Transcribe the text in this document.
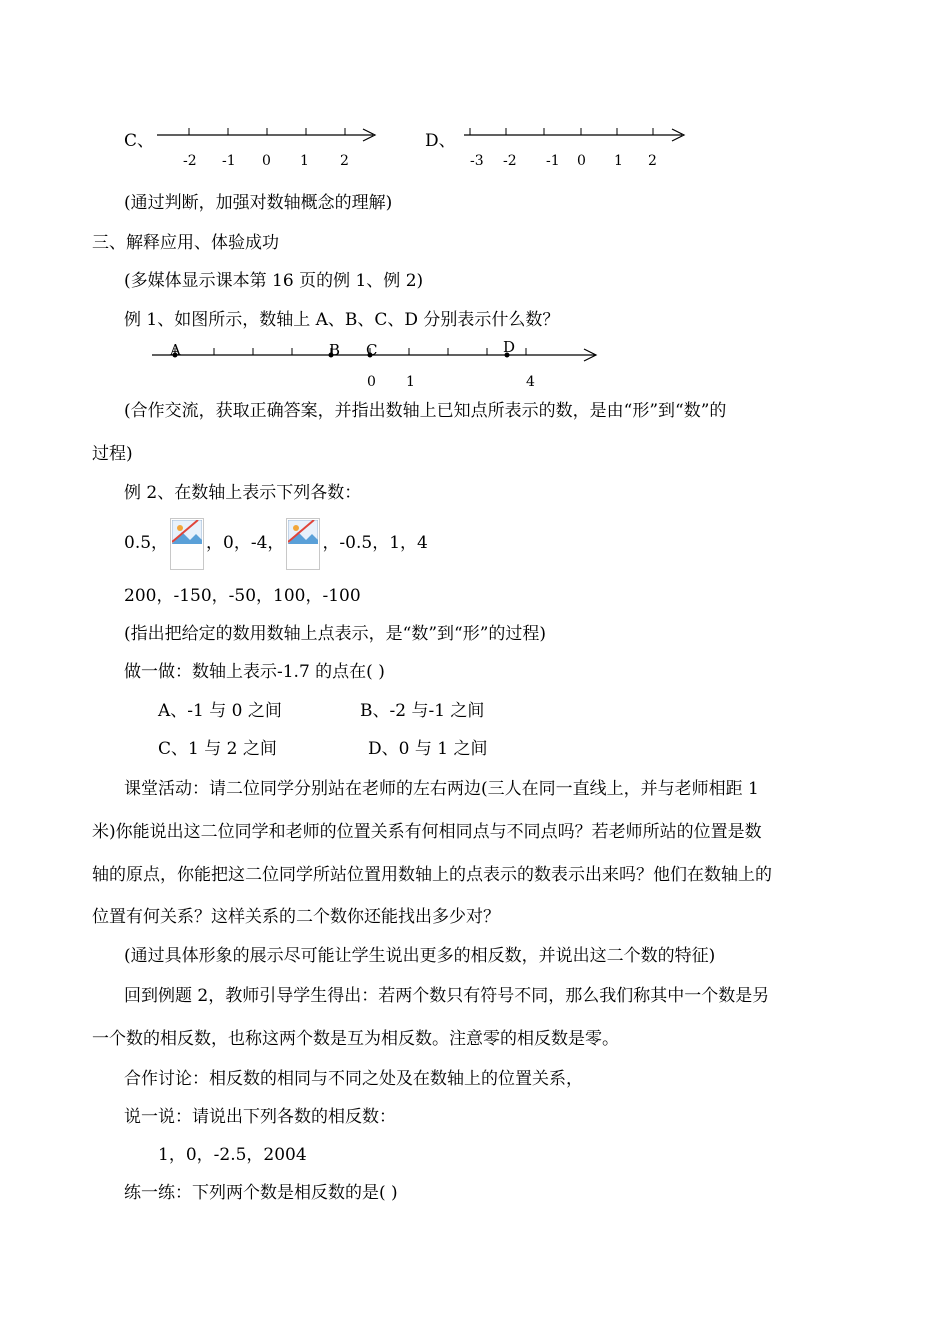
C、
-2 -1 0 1 2
D、
-3 -2 -1 0 1 2
(通过判断，加强对数轴概念的理解)
三、解释应用、体验成功
(多媒体显示课本第 16 页的例 1、例 2)
例 1、如图所示，数轴上 A、B、C、D 分别表示什么数？
A	B C	D
0 1	4
(合作交流，获取正确答案，并指出数轴上已知点所表示的数，是由“形”到“数”的
过程)
例 2、在数轴上表示下列各数：
0.5， ，0，-4， ，-0.5，1，4
200，-150，-50，100，-100
(指出把给定的数用数轴上点表示，是“数”到“形”的过程)
做一做：数轴上表示-1.7 的点在( )
A、-1 与 0 之间	B、-2 与-1 之间
C、1 与 2 之间	D、0 与 1 之间
课堂活动：请二位同学分别站在老师的左右两边(三人在同一直线上，并与老师相距 1
米)你能说出这二位同学和老师的位置关系有何相同点与不同点吗？若老师所站的位置是数
轴的原点，你能把这二位同学所站位置用数轴上的点表示的数表示出来吗？他们在数轴上的
位置有何关系？这样关系的二个数你还能找出多少对？
(通过具体形象的展示尽可能让学生说出更多的相反数，并说出这二个数的特征)
回到例题 2，教师引导学生得出：若两个数只有符号不同，那么我们称其中一个数是另
一个数的相反数，也称这两个数是互为相反数。注意零的相反数是零。
合作讨论：相反数的相同与不同之处及在数轴上的位置关系，
说一说：请说出下列各数的相反数：
1，0，-2.5，2004
练一练：下列两个数是相反数的是( )
